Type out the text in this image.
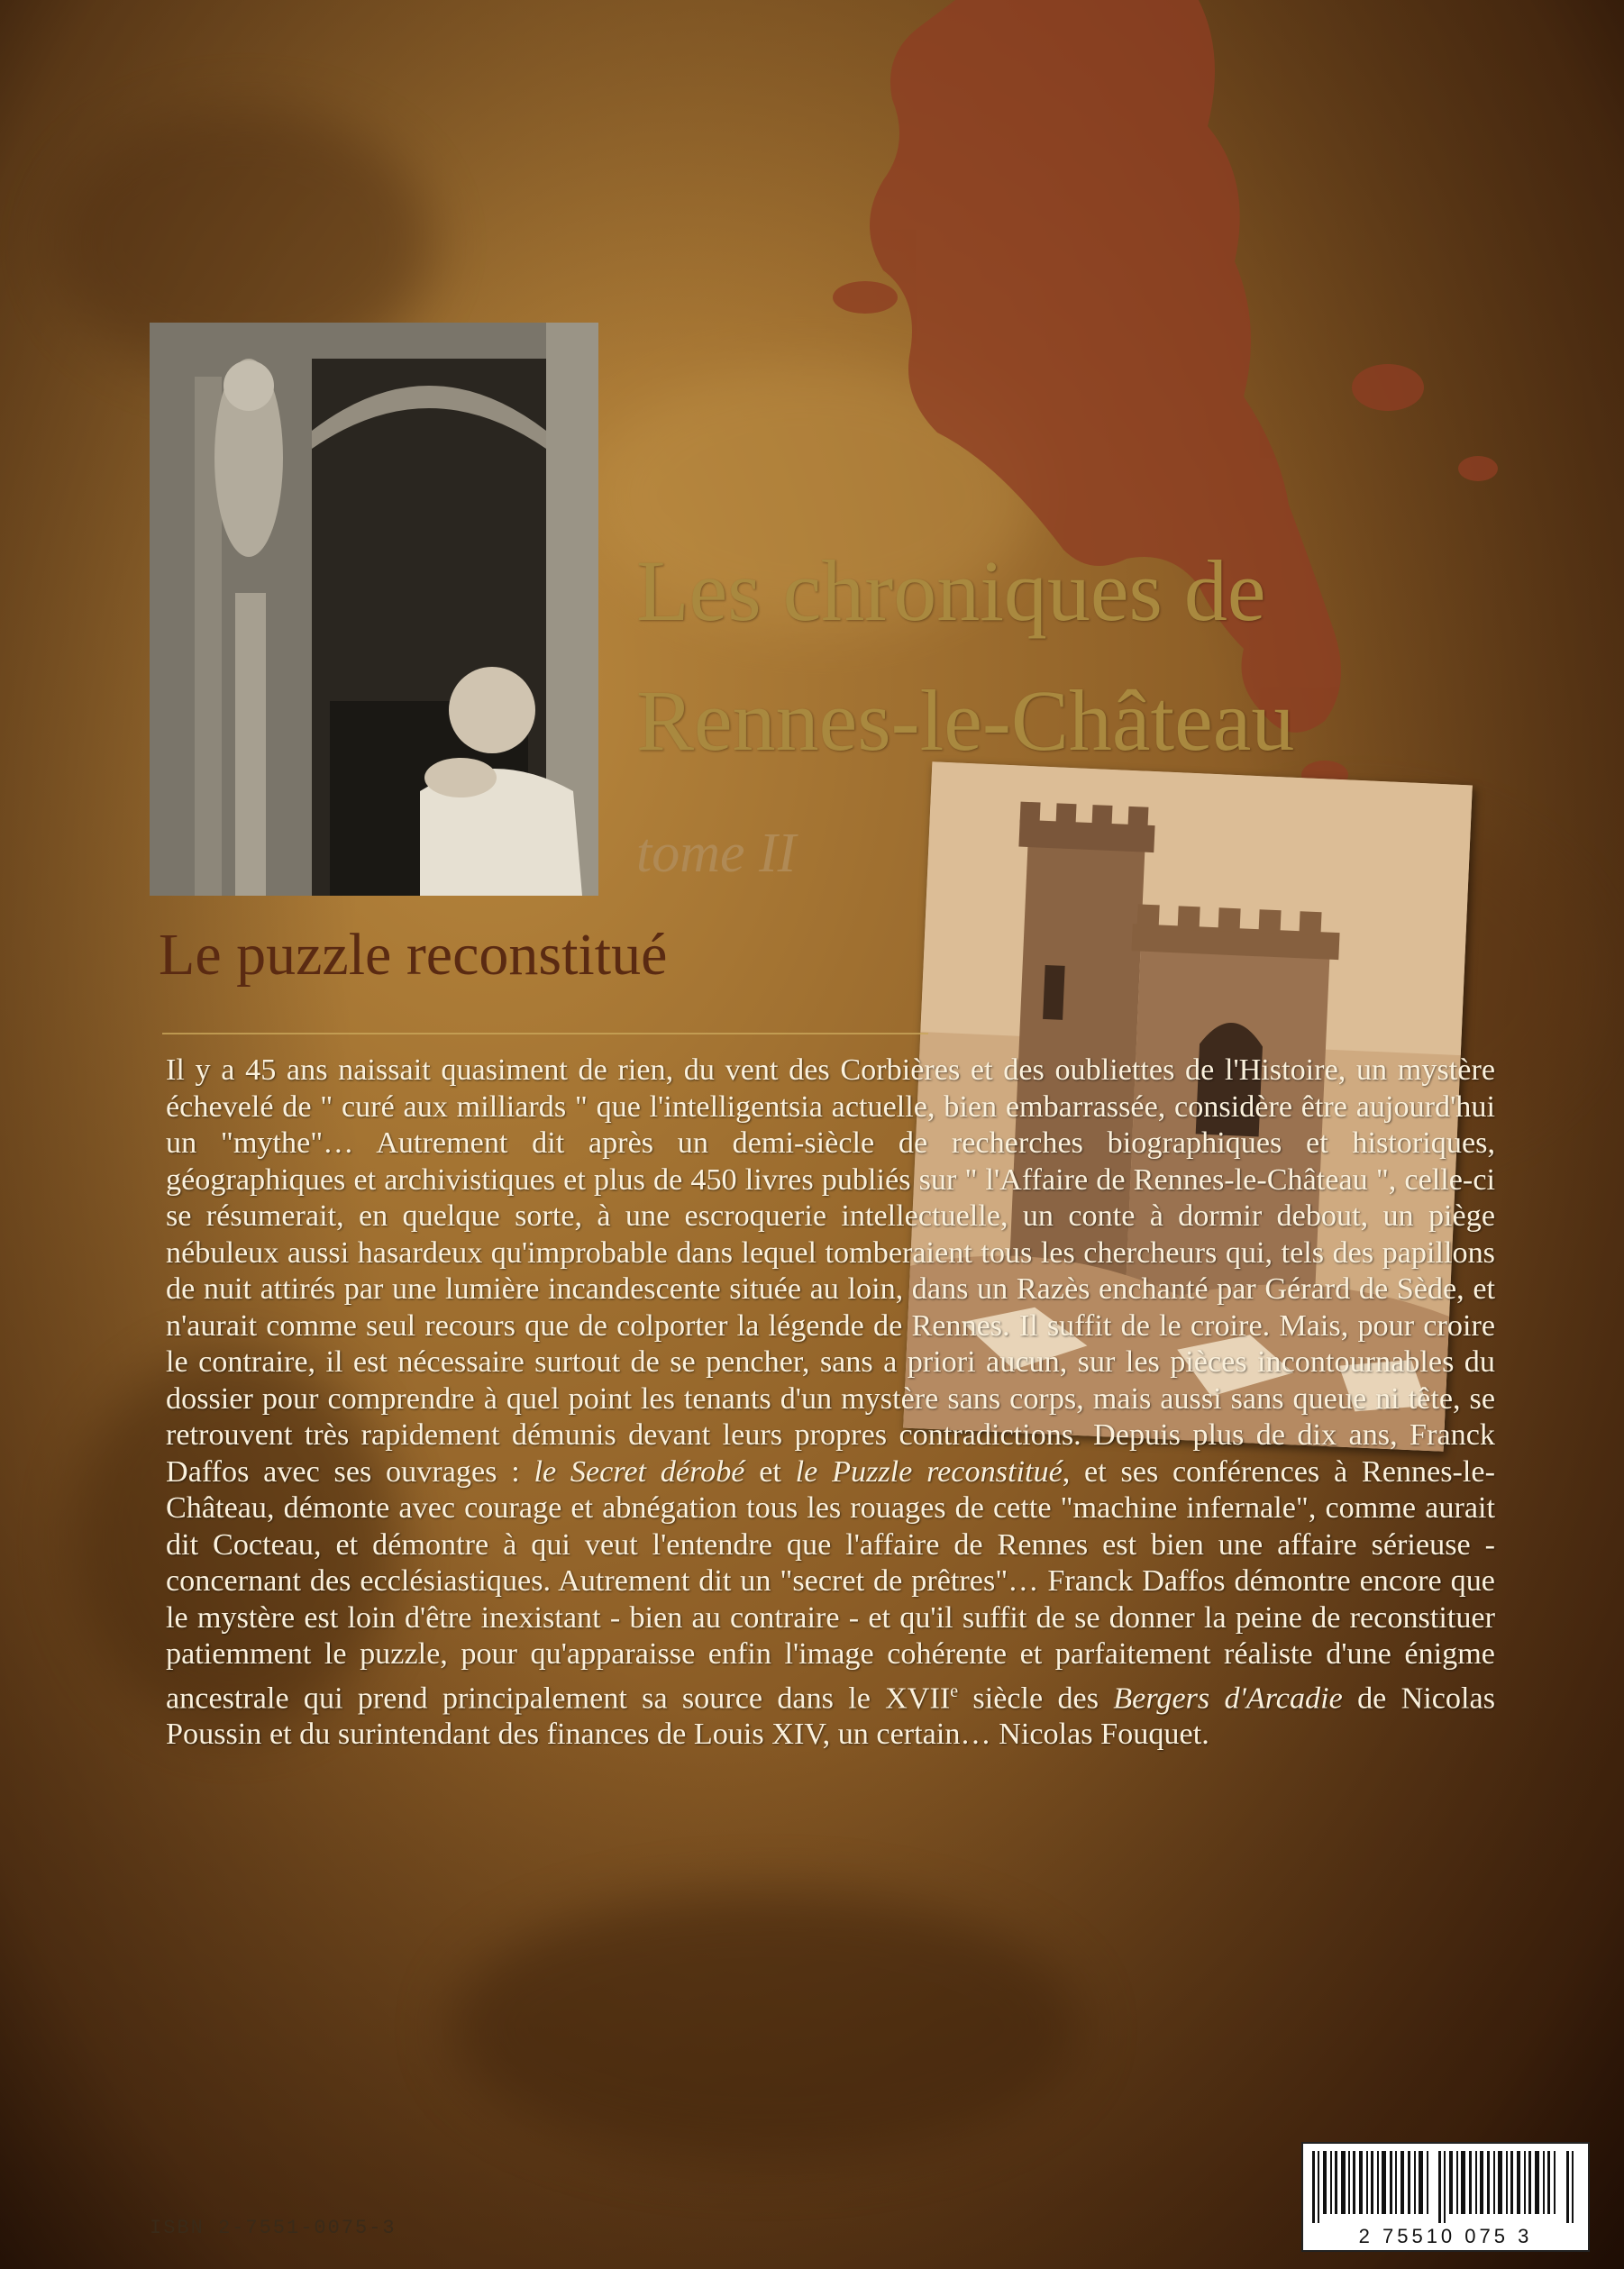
Les chroniques de
Rennes-le-Château
tome II
Le puzzle reconstitué

Il y a 45 ans naissait quasiment de rien, du vent des Corbières et des oubliettes de l'Histoire, un mystère échevelé de " curé aux milliards " que l'intelligentsia actuelle, bien embarrassée, considère être aujourd'hui un "mythe"… Autrement dit après un demi-siècle de recherches biographiques et historiques, géographiques et archivistiques et plus de 450 livres publiés sur " l'Affaire de Rennes-le-Château ", celle-ci se résumerait, en quelque sorte, à une escroquerie intellectuelle, un conte à dormir debout, un piège nébuleux aussi hasardeux qu'improbable dans lequel tomberaient tous les chercheurs qui, tels des papillons de nuit attirés par une lumière incandescente située au loin, dans un Razès enchanté par Gérard de Sède, et n'aurait comme seul recours que de colporter la légende de Rennes. Il suffit de le croire. Mais, pour croire le contraire, il est nécessaire surtout de se pencher, sans a priori aucun, sur les pièces incontournables du dossier pour comprendre à quel point les tenants d'un mystère sans corps, mais aussi sans queue ni tête, se retrouvent très rapidement démunis devant leurs propres contradictions. Depuis plus de dix ans, Franck Daffos avec ses ouvrages : le Secret dérobé et le Puzzle reconstitué, et ses conférences à Rennes-le-Château, démonte avec courage et abnégation tous les rouages de cette "machine infernale", comme aurait dit Cocteau, et démontre à qui veut l'entendre que l'affaire de Rennes est bien une affaire sérieuse - concernant des ecclésiastiques. Autrement dit un "secret de prêtres"… Franck Daffos démontre encore que le mystère est loin d'être inexistant - bien au contraire - et qu'il suffit de se donner la peine de reconstituer patiemment le puzzle, pour qu'apparaisse enfin l'image cohérente et parfaitement réaliste d'une énigme ancestrale qui prend principalement sa source dans le XVIIe siècle des Bergers d'Arcadie de Nicolas Poussin et du surintendant des finances de Louis XIV, un certain… Nicolas Fouquet.

ISBN 2-7551-0075-3	2 75510 075 3
